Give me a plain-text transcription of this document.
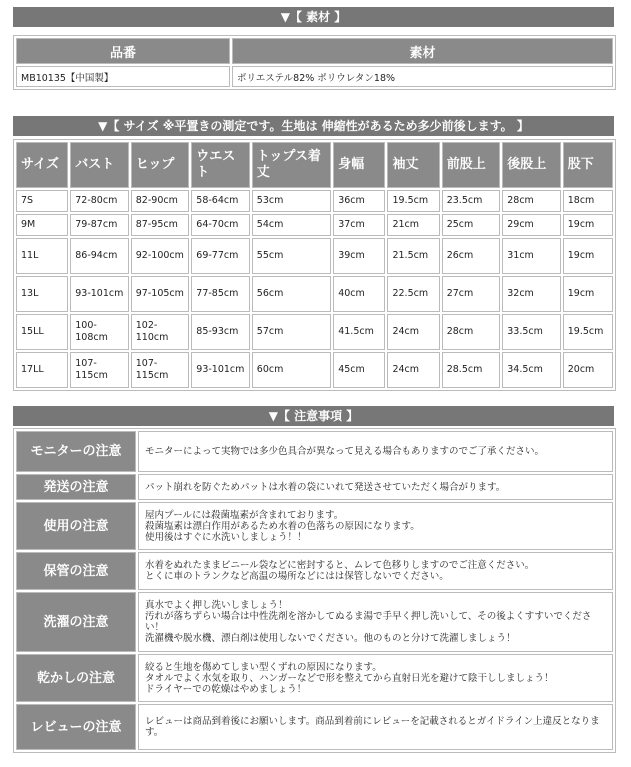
▼【 素材 】
品番	素材
MB10135【中国製】	ポリエステル82% ポリウレタン18%
▼【 サイズ ※平置きの測定です。生地は 伸縮性があるため多少前後します。 】
サイズ	バスト	ヒップ	ウエスト	トップス着丈	身幅	袖丈	前股上	後股上	股下
7S	72-80cm	82-90cm	58-64cm	53cm	36cm	19.5cm	23.5cm	28cm	18cm
9M	79-87cm	87-95cm	64-70cm	54cm	37cm	21cm	25cm	29cm	19cm
11L	86-94cm	92-100cm	69-77cm	55cm	39cm	21.5cm	26cm	31cm	19cm
13L	93-101cm	97-105cm	77-85cm	56cm	40cm	22.5cm	27cm	32cm	19cm
15LL	100-108cm	102-110cm	85-93cm	57cm	41.5cm	24cm	28cm	33.5cm	19.5cm
17LL	107-115cm	107-115cm	93-101cm	60cm	45cm	24cm	28.5cm	34.5cm	20cm
▼【 注意事項 】
モニターの注意	モニターによって実物では多少色具合が異なって見える場合もありますのでご了承ください。

発送の注意	パット崩れを防ぐためパットは水着の袋にいれて発送させていただく場合がります。

使用の注意	屋内プールには殺菌塩素が含まれております。
殺菌塩素は漂白作用があるため水着の色落ちの原因になります。
使用後はすぐに水洗いしましょう！！

保管の注意	水着をぬれたままビニール袋などに密封すると、ムレて色移りしますのでご注意ください。
とくに車のトランクなど高温の場所などにはは保管しないでください。

洗濯の注意	真水でよく押し洗いしましょう！
汚れが落ちずらい場合は中性洗剤を溶かしてぬるま湯で手早く押し洗いして、その後よくすすいでください！
洗濯機や脱水機、漂白剤は使用しないでください。他のものと分けて洗濯しましょう！

乾かしの注意	絞ると生地を傷めてしまい型くずれの原因になります。
タオルでよく水気を取り、ハンガーなどで形を整えてから直射日光を避けて陰干ししましょう！
ドライヤーでの乾燥はやめましょう！

レビューの注意	レビューは商品到着後にお願いします。商品到着前にレビューを記載されるとガイドライン上違反となります。
